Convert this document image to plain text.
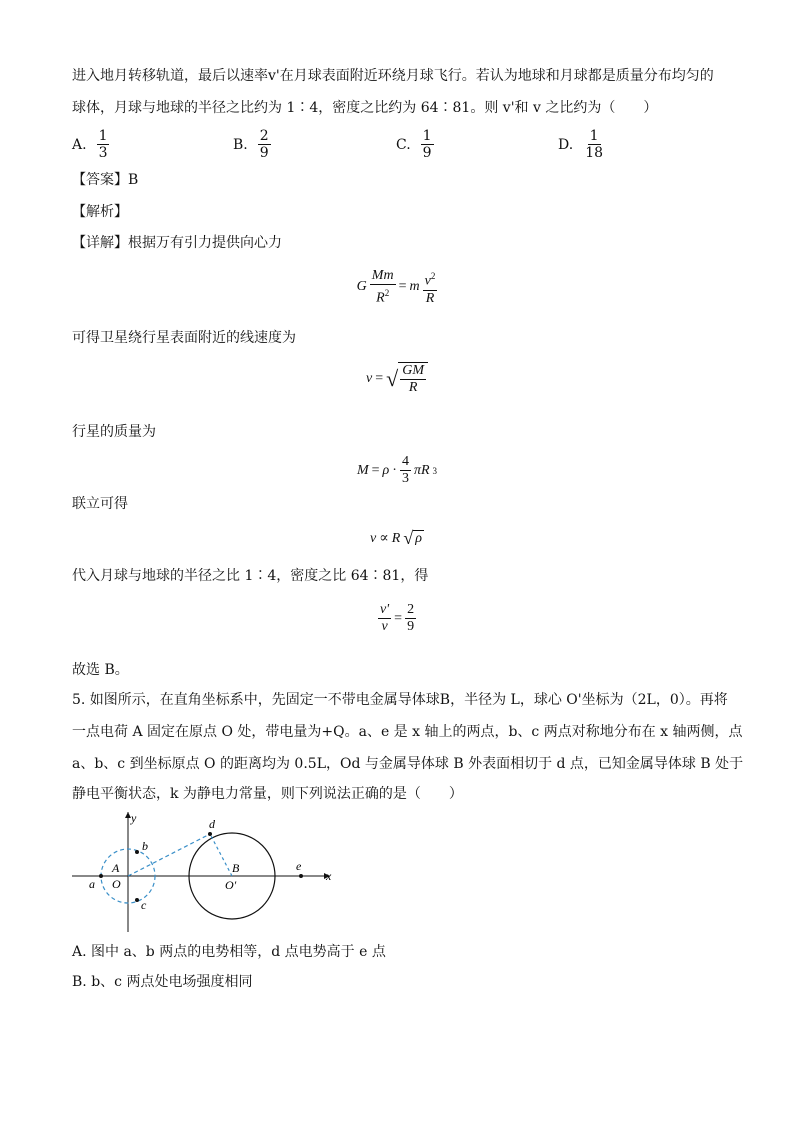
进入地月转移轨道，最后以速率v'在月球表面附近环绕月球飞行。若认为地球和月球都是质量分布均匀的
球体，月球与地球的半径之比约为 1∶4，密度之比约为 64∶81。则 v'和 v 之比约为（　　）
A. $\frac{1}{3}$	B. $\frac{2}{9}$	C. $\frac{1}{9}$	D. $\frac{1}{18}$
【答案】B
【解析】
【详解】根据万有引力提供向心力
G $\frac{Mm}{R^2} = m \frac{v^2}{R}$
可得卫星绕行星表面附近的线速度为
v = √ $\frac{GM}{R}$
行星的质量为
$M = \rho \cdot \frac{4}{3}$ πR 3
联立可得
v ∝ R √ ρ
代入月球与地球的半径之比 1∶4，密度之比 64∶81，得
$\frac{v'}{v} = \frac{2}{9}$
故选 B。
5. 如图所示，在直角坐标系中，先固定一不带电金属导体球B，半径为 L，球心 O'坐标为（2L，0）。再将
一点电荷 A 固定在原点 O 处，带电量为+Q。a、e 是 x 轴上的两点，b、c 两点对称地分布在 x 轴两侧，点
a、b、c 到坐标原点 O 的距离均为 0.5L，Od 与金属导体球 B 外表面相切于 d 点，已知金属导体球 B 处于
静电平衡状态，k 为静电力常量，则下列说法正确的是（　　）
y
x
a
b
c
d
e
A
O
B
O′
A. 图中 a、b 两点的电势相等，d 点电势高于 e 点
B. b、c 两点处电场强度相同
